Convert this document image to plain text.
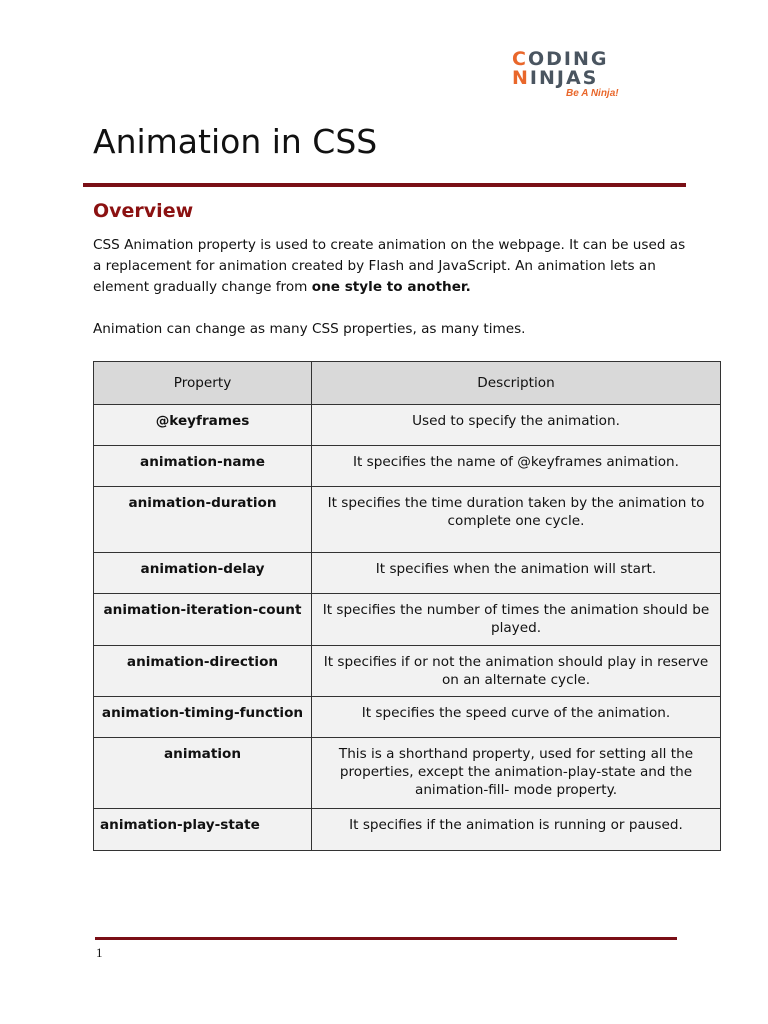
CODING
NINJAS
Be A Ninja!
Animation in CSS
Overview
CSS Animation property is used to create animation on the webpage. It can be used as a replacement for animation created by Flash and JavaScript. An animation lets an element gradually change from one style to another.
Animation can change as many CSS properties, as many times.
Property	Description
@keyframes	Used to specify the animation.
animation-name	It specifies the name of @keyframes animation.
animation-duration	It specifies the time duration taken by the animation to complete one cycle.
animation-delay	It specifies when the animation will start.
animation-iteration-count	It specifies the number of times the animation should be played.
animation-direction	It specifies if or not the animation should play in reserve on an alternate cycle.
animation-timing-function	It specifies the speed curve of the animation.
animation	This is a shorthand property, used for setting all the properties, except the animation-play-state and the animation-fill- mode property.
animation-play-state	It specifies if the animation is running or paused.
1
